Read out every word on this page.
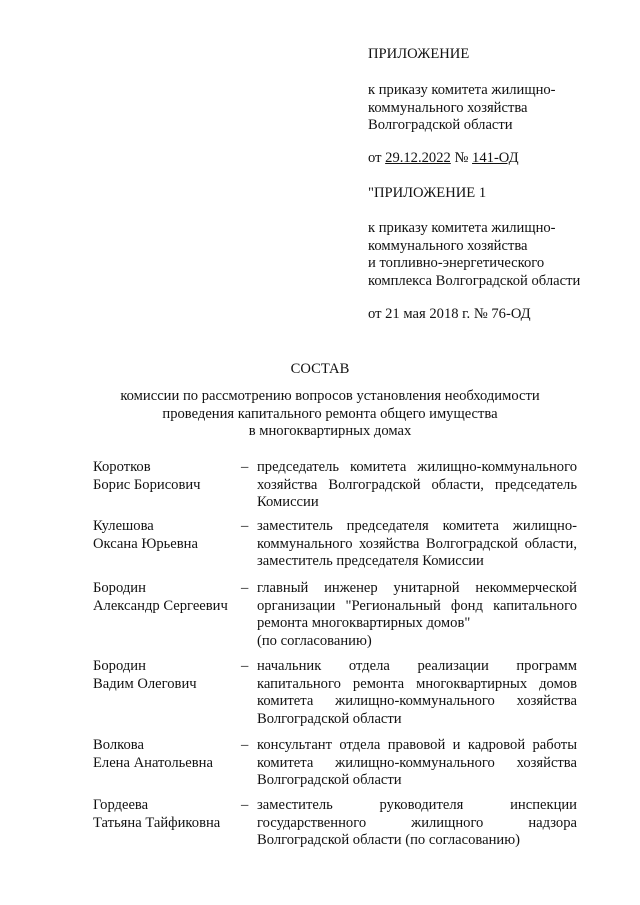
ПРИЛОЖЕНИЕ
к приказу комитета жилищно-
коммунального хозяйства
Волгоградской области
от 29.12.2022 № 141-ОД
"ПРИЛОЖЕНИЕ 1
к приказу комитета жилищно-
коммунального хозяйства
и топливно-энергетического
комплекса Волгоградской области
от 21 мая 2018 г. № 76-ОД
СОСТАВ
комиссии по рассмотрению вопросов установления необходимости
проведения капитального ремонта общего имущества
в многоквартирных домах
Коротков
Борис Борисович
– председатель комитета жилищно-коммунального хозяйства Волгоградской области, председатель Комиссии
Кулешова
Оксана Юрьевна
– заместитель председателя комитета жилищно-коммунального хозяйства Волгоградской области, заместитель председателя Комиссии
Бородин
Александр Сергеевич
– главный инженер унитарной некоммерческой организации "Региональный фонд капитального ремонта многоквартирных домов"
(по согласованию)
Бородин
Вадим Олегович
– начальник отдела реализации программ капитального ремонта многоквартирных домов комитета жилищно-коммунального хозяйства Волгоградской области
Волкова
Елена Анатольевна
– консультант отдела правовой и кадровой работы комитета жилищно-коммунального хозяйства Волгоградской области
Гордеева
Татьяна Тайфиковна
– заместитель руководителя инспекции государственного жилищного надзора Волгоградской области (по согласованию)
